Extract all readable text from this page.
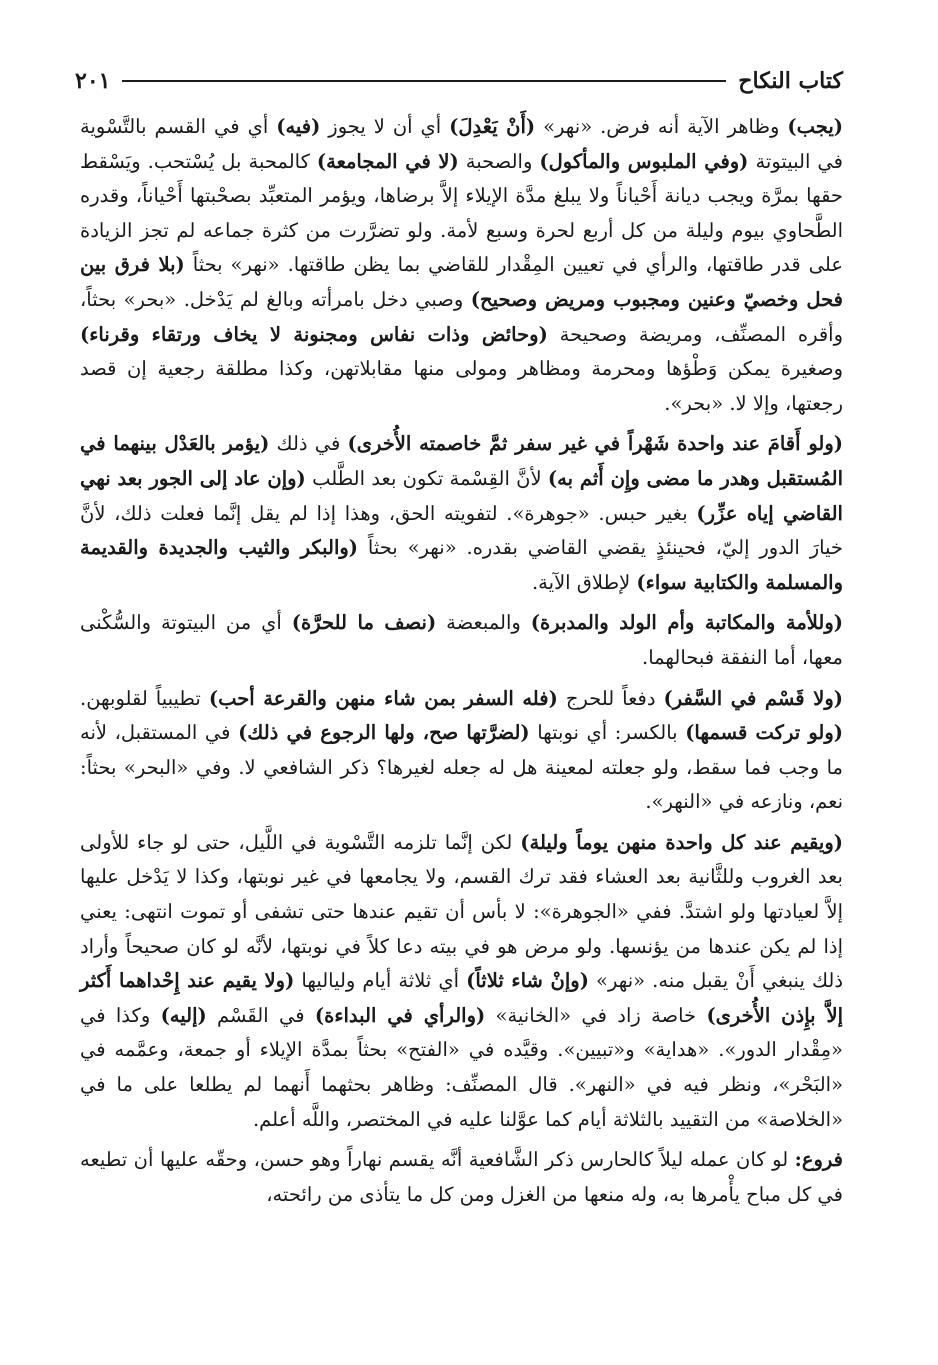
كتاب النكاح
٢٠١

(يجب) وظاهر الآية أنه فرض. «نهر» (أَنْ يَعْدِلَ) أي أن لا يجوز (فيه) أي في القسم بالتَّسْوية في البيتوتة (وفي الملبوس والمأكول) والصحبة (لا في المجامعة) كالمحبة بل يُسْتحب. ويَسْقط حقها بمرَّة ويجب ديانة أَحْياناً ولا يبلغ مدَّة الإيلاء إلاَّ برضاها، ويؤمر المتعبِّد بصحْبتها أَحْياناً، وقدره الطَّحاوي بيوم وليلة من كل أربع لحرة وسبع لأمة. ولو تضرَّرت من كثرة جماعه لم تجز الزيادة على قدر طاقتها، والرأي في تعيين المِقْدار للقاضي بما يظن طاقتها. «نهر» بحثاً (بلا فرق بين فحل وخصيّ وعنين ومجبوب ومريض وصحيح) وصبي دخل بامرأته وبالغ لم يَدْخل. «بحر» بحثاً، وأقره المصنِّف، ومريضة وصحيحة (وحائض وذات نفاس ومجنونة لا يخاف ورتقاء وقرناء) وصغيرة يمكن وَطْؤها ومحرمة ومظاهر ومولى منها مقابلاتهن، وكذا مطلقة رجعية إن قصد رجعتها، وإلا لا. «بحر».

(ولو أَقامَ عند واحدة شَهْراً في غير سفر ثمَّ خاصمته الأُخرى) في ذلك (يؤمر بالعَدْل بينهما في المُستقبل وهدر ما مضى وإِن أَثم به) لأنَّ القِسْمة تكون بعد الطَّلب (وإن عاد إلى الجور بعد نهي القاضي إياه عزِّر) بغير حبس. «جوهرة». لتفويته الحق، وهذا إذا لم يقل إنَّما فعلت ذلك، لأنَّ خيارَ الدور إليّ، فحينئذٍ يقضي القاضي بقدره. «نهر» بحثاً (والبكر والثيب والجديدة والقديمة والمسلمة والكتابية سواء) لإطلاق الآية.

(وللأمة والمكاتبة وأم الولد والمدبرة) والمبعضة (نصف ما للحرَّة) أي من البيتوتة والسُّكْنى معها، أما النفقة فبحالهما.

(ولا قَسْم في السَّفر) دفعاً للحرج (فله السفر بمن شاء منهن والقرعة أحب) تطيبياً لقلوبهن. (ولو تركت قسمها) بالكسر: أي نوبتها (لضرَّتها صح، ولها الرجوع في ذلك) في المستقبل، لأنه ما وجب فما سقط، ولو جعلته لمعينة هل له جعله لغيرها؟ ذكر الشافعي لا. وفي «البحر» بحثاً: نعم، ونازعه في «النهر».

(ويقيم عند كل واحدة منهن يوماً وليلة) لكن إنَّما تلزمه التَّسْوية في اللَّيل، حتى لو جاء للأولى بعد الغروب وللثَّانية بعد العشاء فقد ترك القسم، ولا يجامعها في غير نوبتها، وكذا لا يَدْخل عليها إلاَّ لعيادتها ولو اشتدَّ. ففي «الجوهرة»: لا بأس أن تقيم عندها حتى تشفى أو تموت انتهى: يعني إذا لم يكن عندها من يؤنسها. ولو مرض هو في بيته دعا كلاً في نوبتها، لأنَّه لو كان صحيحاً وأراد ذلك ينبغي أَنْ يقبل منه. «نهر» (وإنْ شاء ثلاثاً) أي ثلاثة أيام ولياليها (ولا يقيم عند إِحْداهما أَكثر إلاَّ بإِذن الأُخرى) خاصة زاد في «الخانية» (والرأي في البداءة) في القَسْم (إليه) وكذا في «مِقْدار الدور». «هداية» و«تبيين». وقيَّده في «الفتح» بحثاً بمدَّة الإيلاء أو جمعة، وعمَّمه في «البَحْر»، ونظر فيه في «النهر». قال المصنِّف: وظاهر بحثهما أَنهما لم يطلعا على ما في «الخلاصة» من التقييد بالثلاثة أيام كما عوَّلنا عليه في المختصر، واللَّه أعلم.

فروع: لو كان عمله ليلاً كالحارس ذكر الشَّافعية أنَّه يقسم نهاراً وهو حسن، وحقّه عليها أن تطيعه في كل مباح يأْمرها به، وله منعها من الغزل ومن كل ما يتأذى من رائحته،
